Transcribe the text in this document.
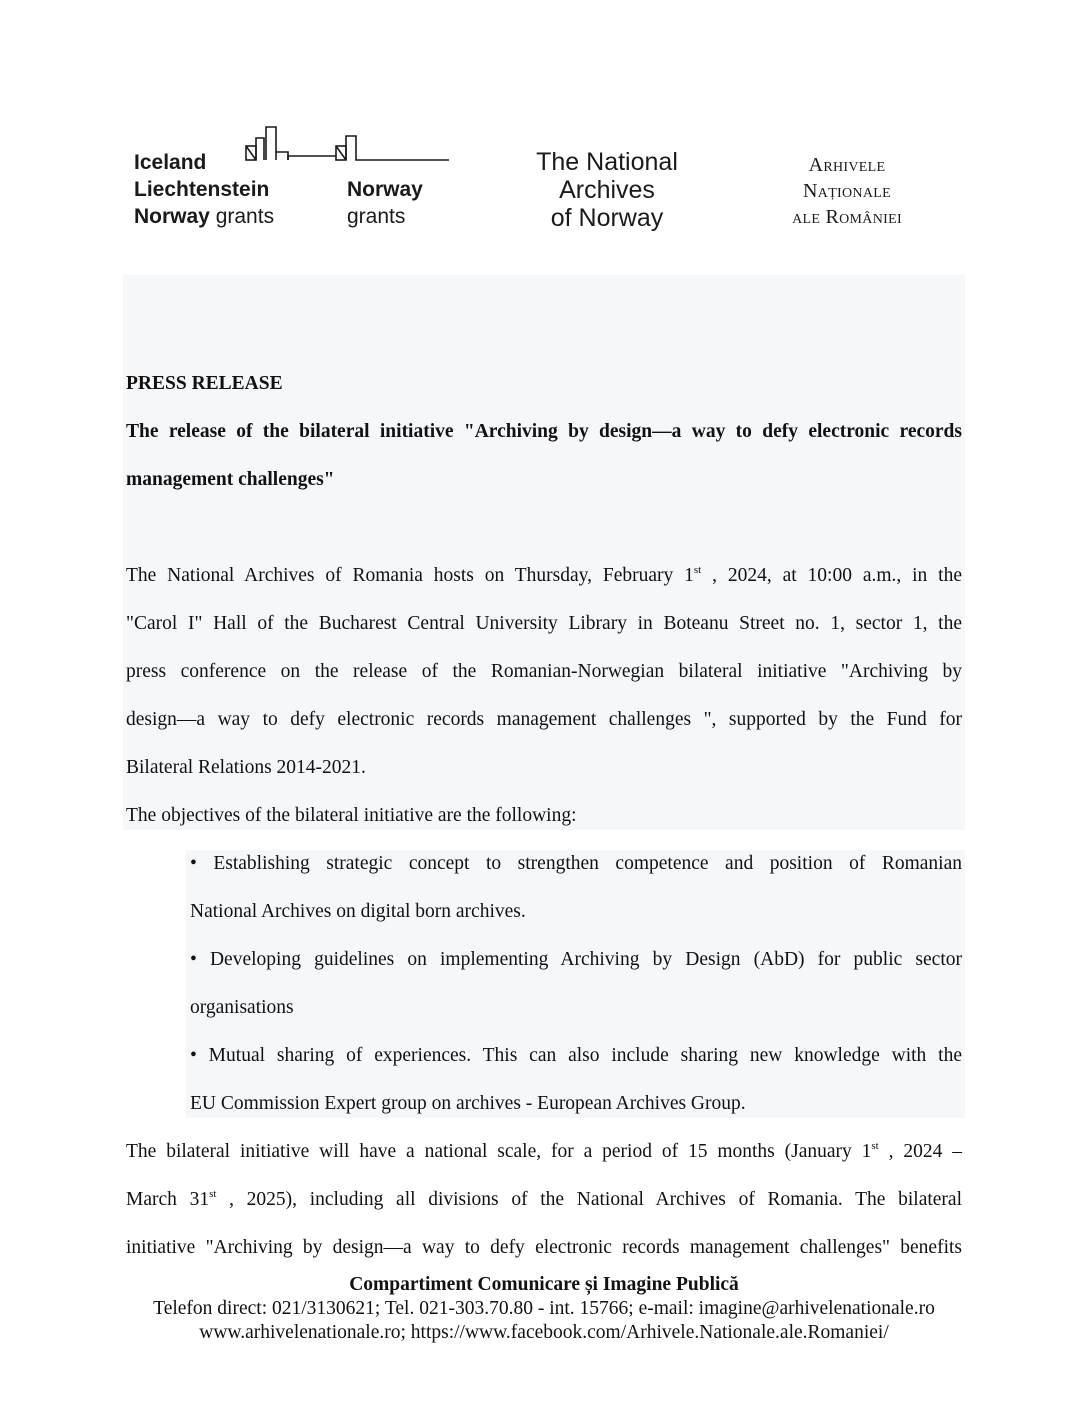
Iceland
Liechtenstein	Norway
Norway grants	grants
The National
Archives
of Norway
Arhivele
Naționale
ale României
PRESS RELEASE
The release of the bilateral initiative "Archiving by design—a way to defy electronic records
management challenges"
The National Archives of Romania hosts on Thursday, February 1st , 2024, at 10:00 a.m., in the
"Carol I" Hall of the Bucharest Central University Library in Boteanu Street no. 1, sector 1, the
press conference on the release of the Romanian-Norwegian bilateral initiative "Archiving by
design—a way to defy electronic records management challenges ", supported by the Fund for
Bilateral Relations 2014-2021.
The objectives of the bilateral initiative are the following:
• Establishing strategic concept to strengthen competence and position of Romanian
National Archives on digital born archives.
• Developing guidelines on implementing Archiving by Design (AbD) for public sector
organisations
• Mutual sharing of experiences. This can also include sharing new knowledge with the
EU Commission Expert group on archives - European Archives Group.
The bilateral initiative will have a national scale, for a period of 15 months (January 1st , 2024 –
March 31st , 2025), including all divisions of the National Archives of Romania. The bilateral
initiative "Archiving by design—a way to defy electronic records management challenges" benefits
Compartiment Comunicare și Imagine Publică
Telefon direct: 021/3130621; Tel. 021-303.70.80 - int. 15766; e-mail: imagine@arhivelenationale.ro
www.arhivelenationale.ro; https://www.facebook.com/Arhivele.Nationale.ale.Romaniei/
